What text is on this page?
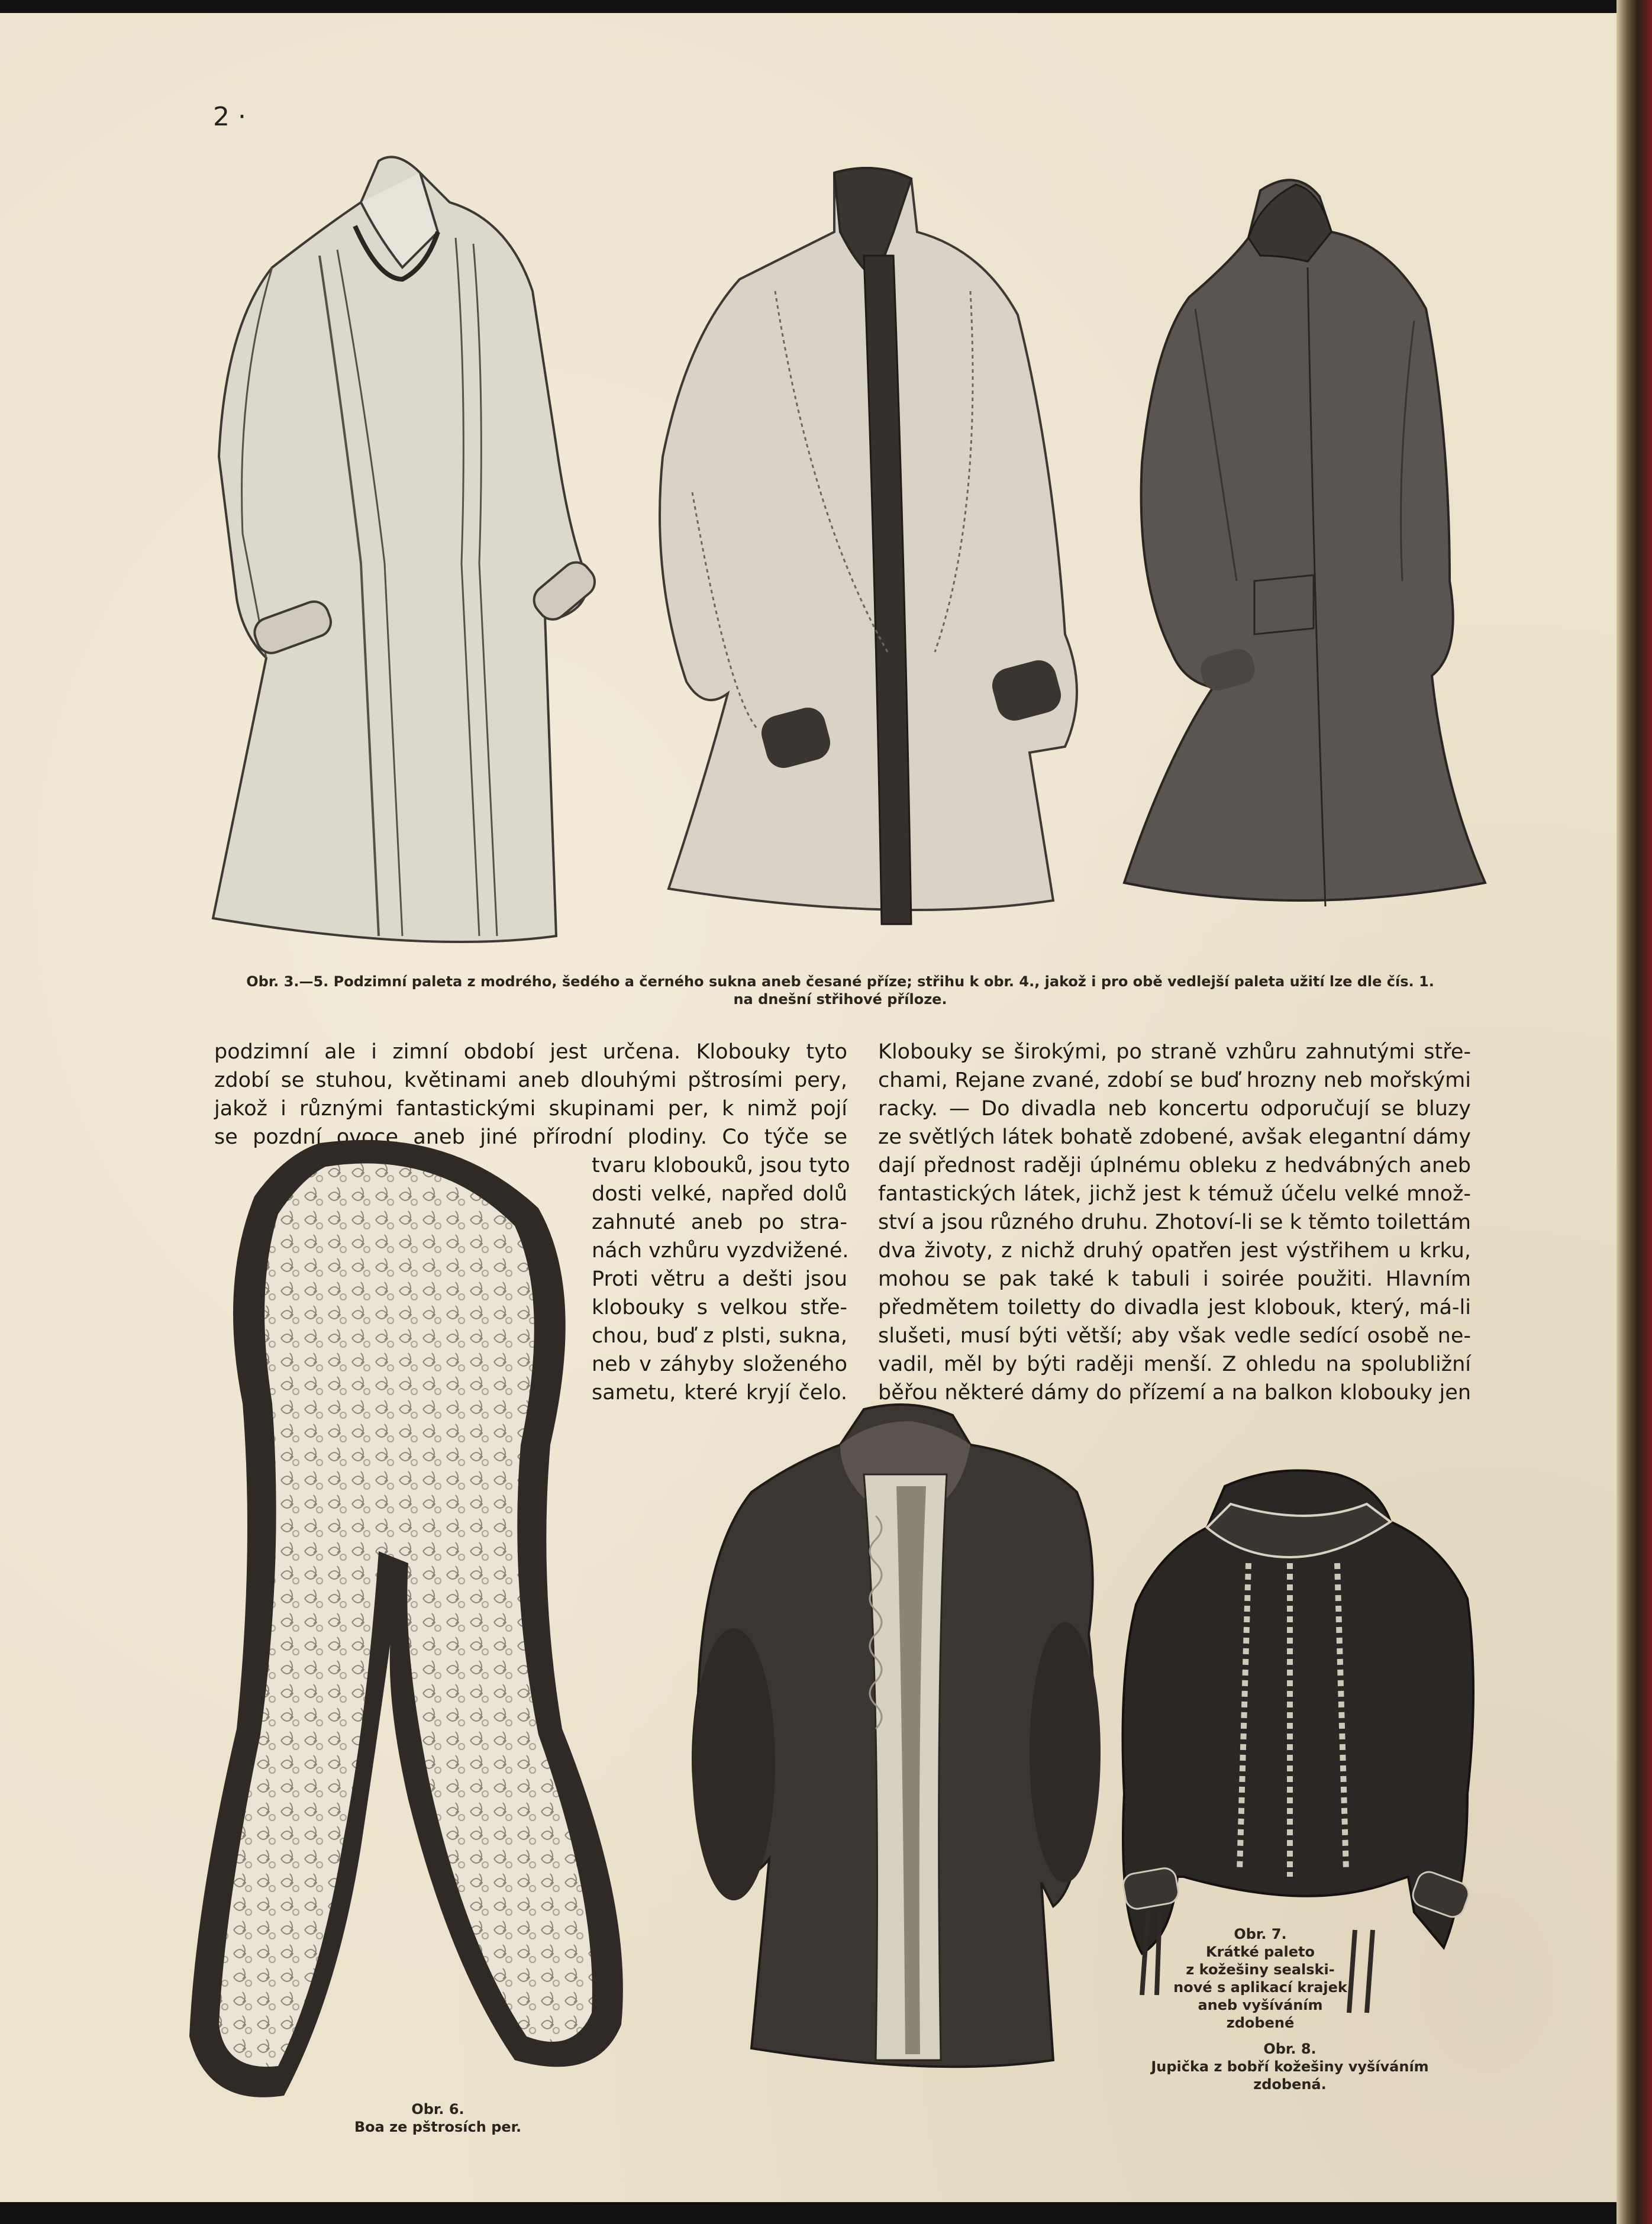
2 ·
Obr. 3.—5. Podzimní paleta z modrého, šedého a černého sukna aneb česané příze; střihu k obr. 4., jakož i pro obě vedlejší paleta užití lze dle čís. 1.
na dnešní střihové příloze.
podzimní ale i zimní období jest určena. Klobouky tyto
zdobí se stuhou, květinami aneb dlouhými pštrosími pery,
jakož i různými fantastickými skupinami per, k nimž pojí
se pozdní ovoce aneb jiné přírodní plodiny. Co týče se
tvaru klobouků, jsou tyto
dosti velké, napřed dolů
zahnuté aneb po stra-
nách vzhůru vyzdvižené.
Proti větru a dešti jsou
klobouky s velkou stře-
chou, buď z plsti, sukna,
neb v záhyby složeného
sametu, které kryjí čelo.
Klobouky se širokými, po straně vzhůru zahnutými stře-
chami, Rejane zvané, zdobí se buď hrozny neb mořskými
racky. — Do divadla neb koncertu odporučují se bluzy
ze světlých látek bohatě zdobené, avšak elegantní dámy
dají přednost raději úplnému obleku z hedvábných aneb
fantastických látek, jichž jest k témuž účelu velké množ-
ství a jsou různého druhu. Zhotoví-li se k těmto toilettám
dva životy, z nichž druhý opatřen jest výstřihem u krku,
mohou se pak také k tabuli i soirée použiti. Hlavním
předmětem toiletty do divadla jest klobouk, který, má-li
slušeti, musí býti větší; aby však vedle sedící osobě ne-
vadil, měl by býti raději menší. Z ohledu na spolubližní
běřou některé dámy do přízemí a na balkon klobouky jen
Obr. 6.
Boa ze pštrosích per.
Obr. 7.
Krátké paleto
z kožešiny sealski-
nové s aplikací krajek
aneb vyšíváním
zdobené
Obr. 8.
Jupička z bobří kožešiny vyšíváním
zdobená.
